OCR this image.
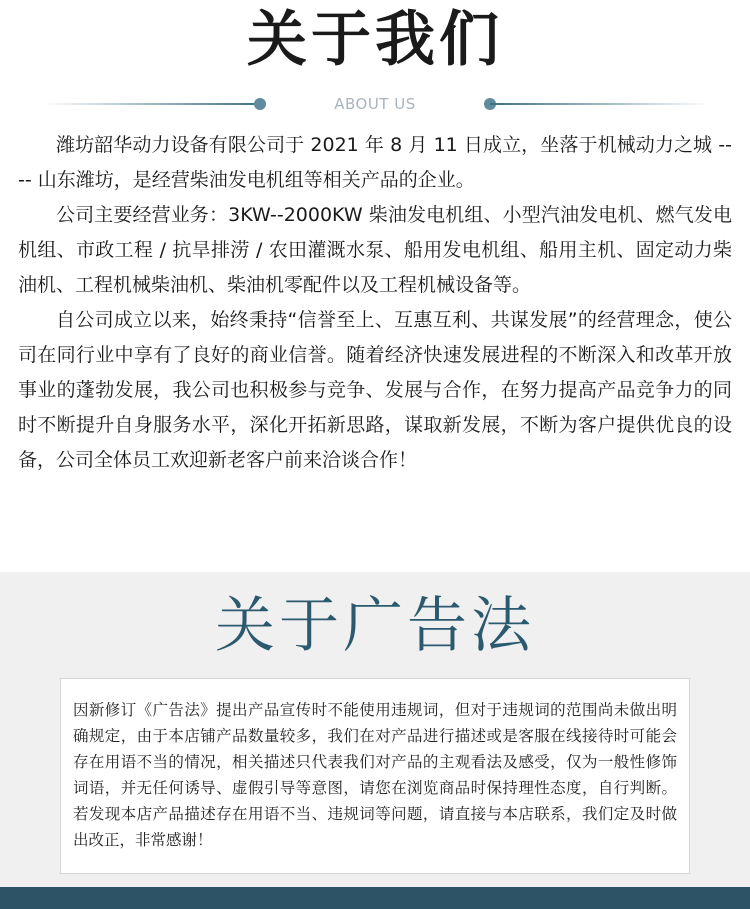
关于我们
ABOUT US

潍坊韶华动力设备有限公司于 2021 年 8 月 11 日成立，坐落于机械动力之城 ---- 山东潍坊，是经营柴油发电机组等相关产品的企业。

公司主要经营业务：3KW--2000KW 柴油发电机组、小型汽油发电机、燃气发电机组、市政工程 / 抗旱排涝 / 农田灌溉水泵、船用发电机组、船用主机、固定动力柴油机、工程机械柴油机、柴油机零配件以及工程机械设备等。

自公司成立以来，始终秉持“信誉至上、互惠互利、共谋发展”的经营理念，使公司在同行业中享有了良好的商业信誉。随着经济快速发展进程的不断深入和改革开放事业的蓬勃发展，我公司也积极参与竞争、发展与合作，在努力提高产品竞争力的同时不断提升自身服务水平，深化开拓新思路，谋取新发展，不断为客户提供优良的设备，公司全体员工欢迎新老客户前来洽谈合作！

关于广告法

因新修订《广告法》提出产品宣传时不能使用违规词，但对于违规词的范围尚未做出明确规定，由于本店铺产品数量较多，我们在对产品进行描述或是客服在线接待时可能会存在用语不当的情况，相关描述只代表我们对产品的主观看法及感受，仅为一般性修饰词语，并无任何诱导、虚假引导等意图，请您在浏览商品时保持理性态度，自行判断。若发现本店产品描述存在用语不当、违规词等问题，请直接与本店联系，我们定及时做出改正，非常感谢！
